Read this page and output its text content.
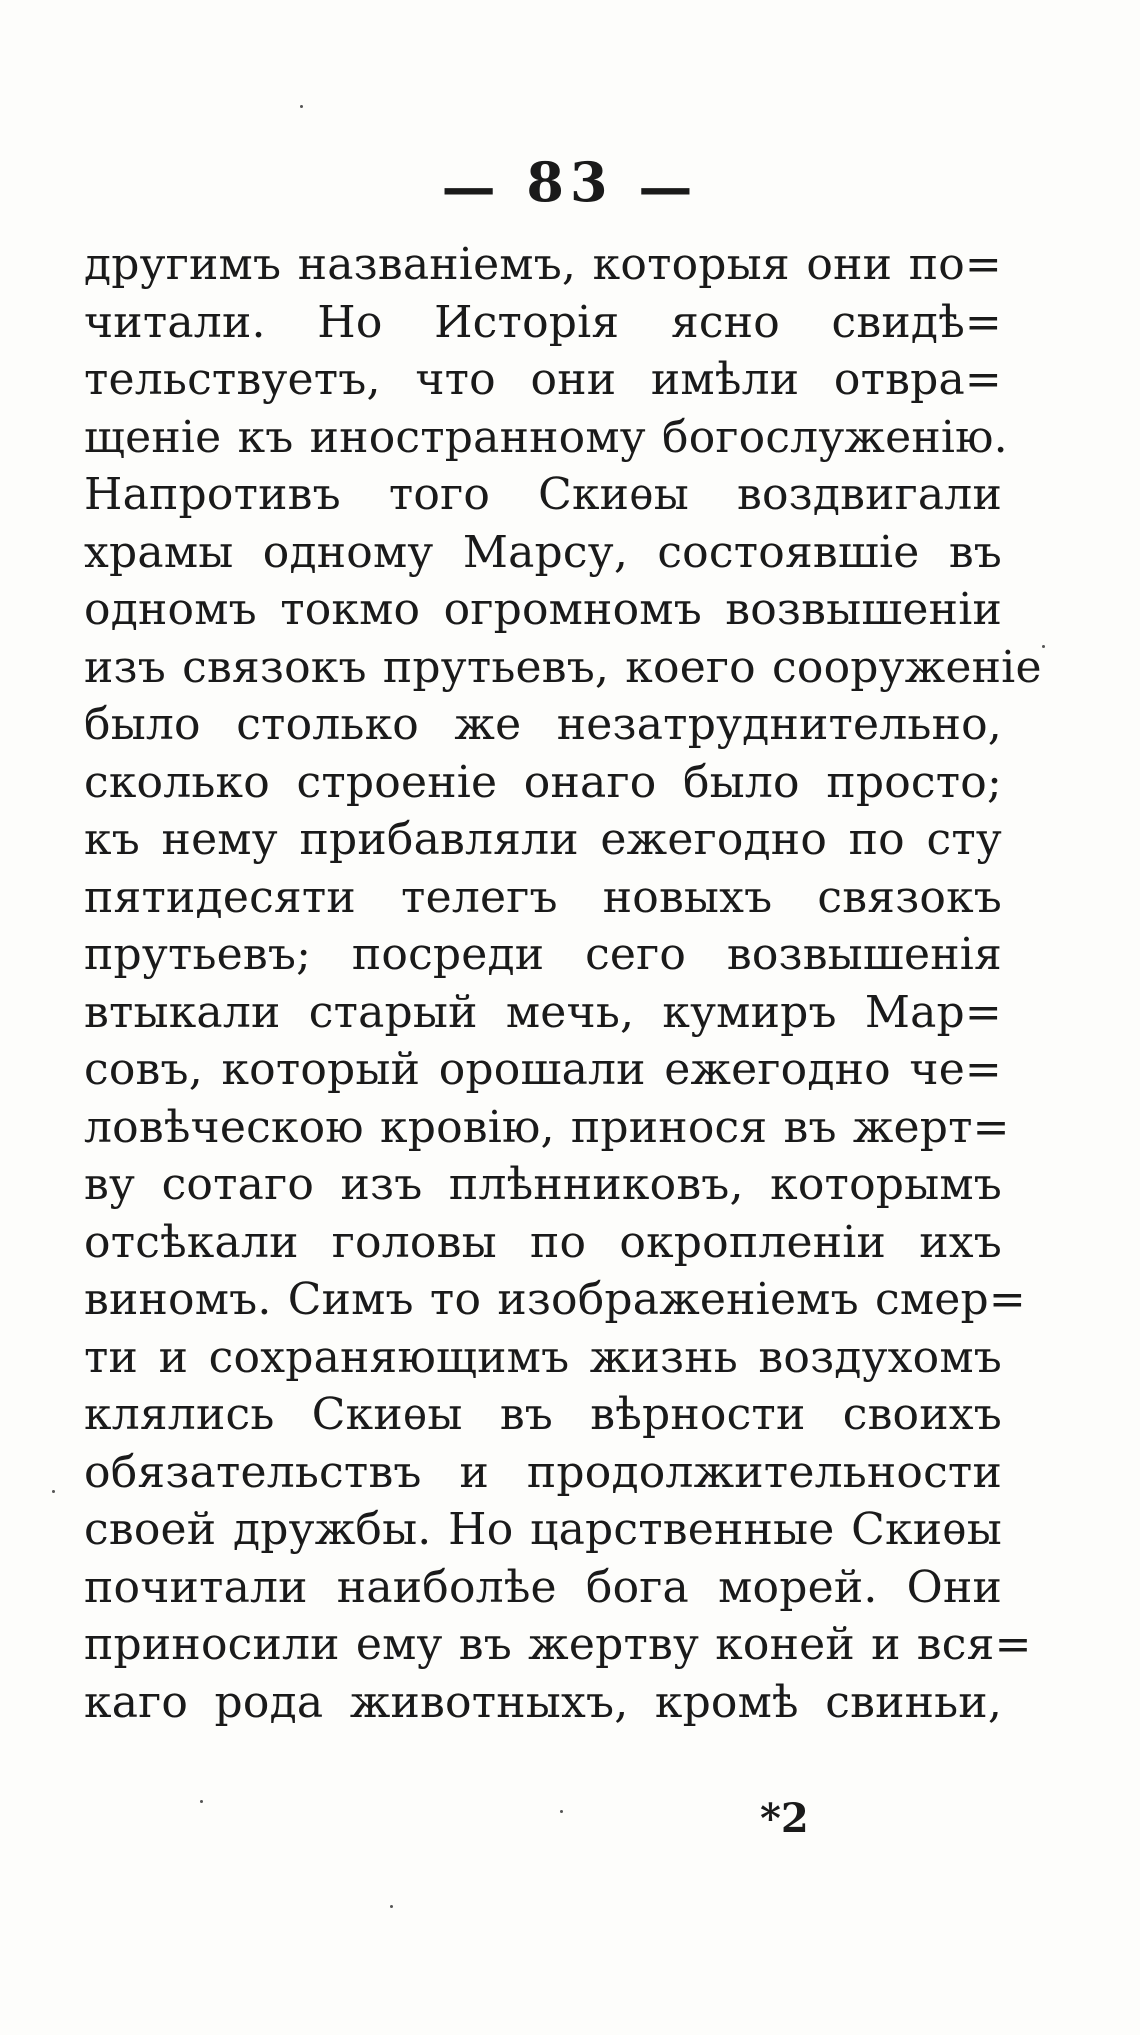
— 83 —
другимъ названіемъ, которыя они по=
читали. Но Исторія ясно свидѣ=
тельствуетъ, что они имѣли отвра=
щеніе къ иностранному богослуженію.
Напротивъ того Скиѳы воздвигали
храмы одному Марсу, состоявшіе въ
одномъ токмо огромномъ возвышеніи
изъ связокъ прутьевъ, коего сооруженіе
было столько же незатруднительно,
сколько строеніе онаго было просто;
къ нему прибавляли ежегодно по сту
пятидесяти телегъ новыхъ связокъ
прутьевъ; посреди сего возвышенія
втыкали старый мечь, кумиръ Мар=
совъ, который орошали ежегодно че=
ловѣческою кровію, принося въ жерт=
ву сотаго изъ плѣнниковъ, которымъ
отсѣкали головы по окропленіи ихъ
виномъ. Симъ то изображеніемъ смер=
ти и сохраняющимъ жизнь воздухомъ
клялись Скиѳы въ вѣрности своихъ
обязательствъ и продолжительности
своей дружбы. Но царственные Скиѳы
почитали наиболѣе бога морей. Они
приносили ему въ жертву коней и вся=
каго рода животныхъ, кромѣ свиньи,
*2
